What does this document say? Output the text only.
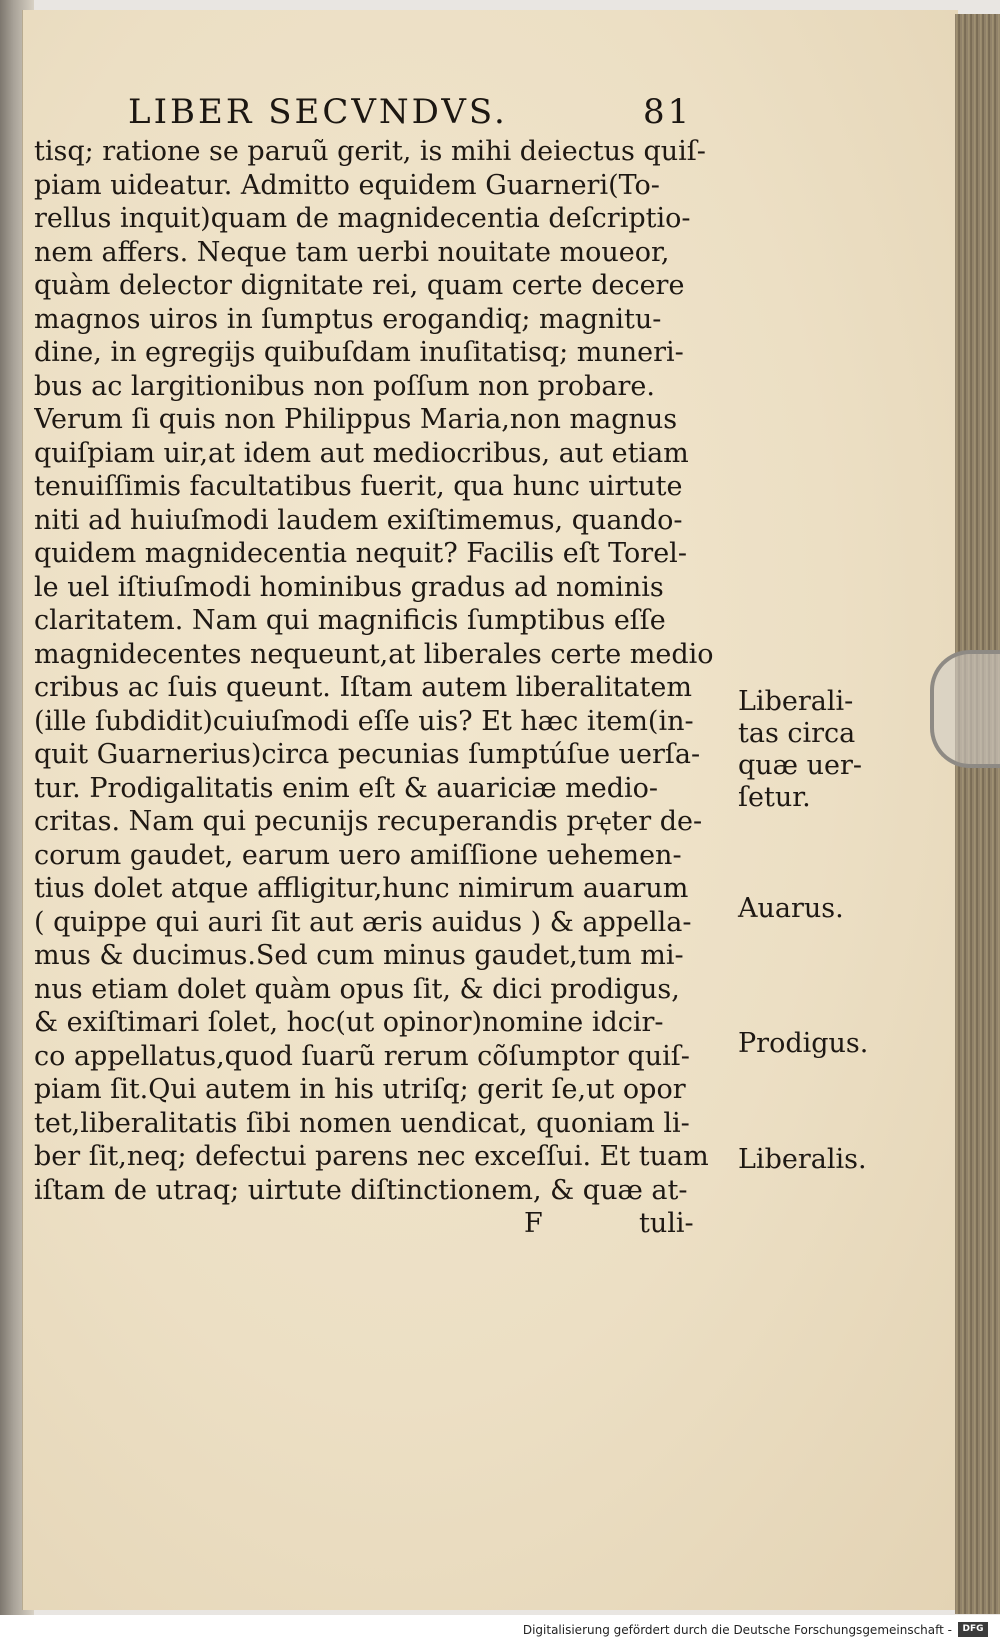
LIBER SECVNDVS.	81
tisq; ratione se paruũ gerit, is mihi deiectus quiſ-
piam uideatur. Admitto equidem Guarneri(To-
rellus inquit)quam de magnidecentia deſcriptio-
nem affers. Neque tam uerbi nouitate moueor,
quàm delector dignitate rei, quam certe decere
magnos uiros in ſumptus erogandiq; magnitu-
dine, in egregijs quibuſdam inuſitatisq; muneri-
bus ac largitionibus non poſſum non probare.
Verum ſi quis non Philippus Maria,non magnus
quiſpiam uir,at idem aut mediocribus, aut etiam
tenuiſſimis facultatibus fuerit, qua hunc uirtute
niti ad huiuſmodi laudem exiſtimemus, quando-
quidem magnidecentia nequit? Facilis eſt Torel-
le uel iſtiuſmodi hominibus gradus ad nominis
claritatem. Nam qui magnificis ſumptibus eſſe
magnidecentes nequeunt,at liberales certe medio
cribus ac ſuis queunt. Iſtam autem liberalitatem
(ille ſubdidit)cuiuſmodi eſſe uis? Et hæc item(in-
quit Guarnerius)circa pecunias ſumptúſue uerſa-
tur. Prodigalitatis enim eſt & auariciæ medio-
critas. Nam qui pecunijs recuperandis prҿter de-
corum gaudet, earum uero amiſſione uehemen-
tius dolet atque affligitur,hunc nimirum auarum
( quippe qui auri ſit aut æris auidus ) & appella-
mus & ducimus.Sed cum minus gaudet,tum mi-
nus etiam dolet quàm opus ſit, & dici prodigus,
& exiſtimari ſolet, hoc(ut opinor)nomine idcir-
co appellatus,quod ſuarũ rerum cõſumptor quiſ-
piam ſit.Qui autem in his utriſq; gerit ſe,ut opor
tet,liberalitatis ſibi nomen uendicat, quoniam li-
ber ſit,neq; defectui parens nec exceſſui. Et tuam
iſtam de utraq; uirtute diſtinctionem, & quæ at-
F	tuli-
Liberali-
tas circa
quæ uer-
ſetur.
Auarus.
Prodigus.
Liberalis.
Digitalisierung gefördert durch die Deutsche Forschungsgemeinschaft -	DFG
